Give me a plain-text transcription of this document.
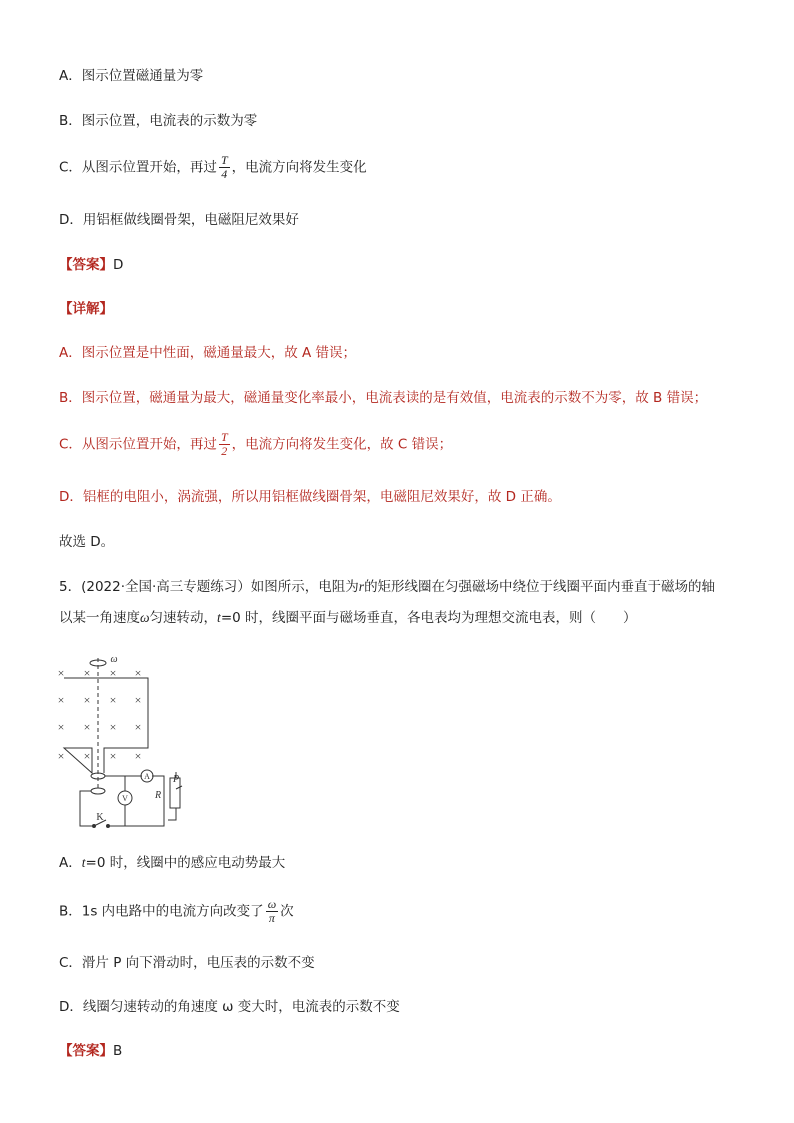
A．图示位置磁通量为零
B．图示位置，电流表的示数为零
C．从图示位置开始，再过 $\frac{T}{4}$ ，电流方向将发生变化
D．用铝框做线圈骨架，电磁阻尼效果好
【答案】D
【详解】
A．图示位置是中性面，磁通量最大，故 A 错误；
B．图示位置，磁通量为最大，磁通量变化率最小，电流表读的是有效值，电流表的示数不为零，故 B 错误；
C．从图示位置开始，再过 $\frac{T}{2}$ ，电流方向将发生变化，故 C 错误；
D．铝框的电阻小，涡流强，所以用铝框做线圈骨架，电磁阻尼效果好，故 D 正确。
故选 D。
5．(2022·全国·高三专题练习）如图所示，电阻为r的矩形线圈在匀强磁场中绕位于线圈平面内垂直于磁场的轴
以某一角速度ω匀速转动，t=0 时，线圈平面与磁场垂直，各电表均为理想交流电表，则（　　）
× × × ×
× × × ×
× × × ×
× × × ×
ω
A
V	R
P
K
A．t=0 时，线圈中的感应电动势最大
B．1s 内电路中的电流方向改变了 $\frac{\omega}{\pi}$ 次
C．滑片 P 向下滑动时，电压表的示数不变
D．线圈匀速转动的角速度 ω 变大时，电流表的示数不变
【答案】B
